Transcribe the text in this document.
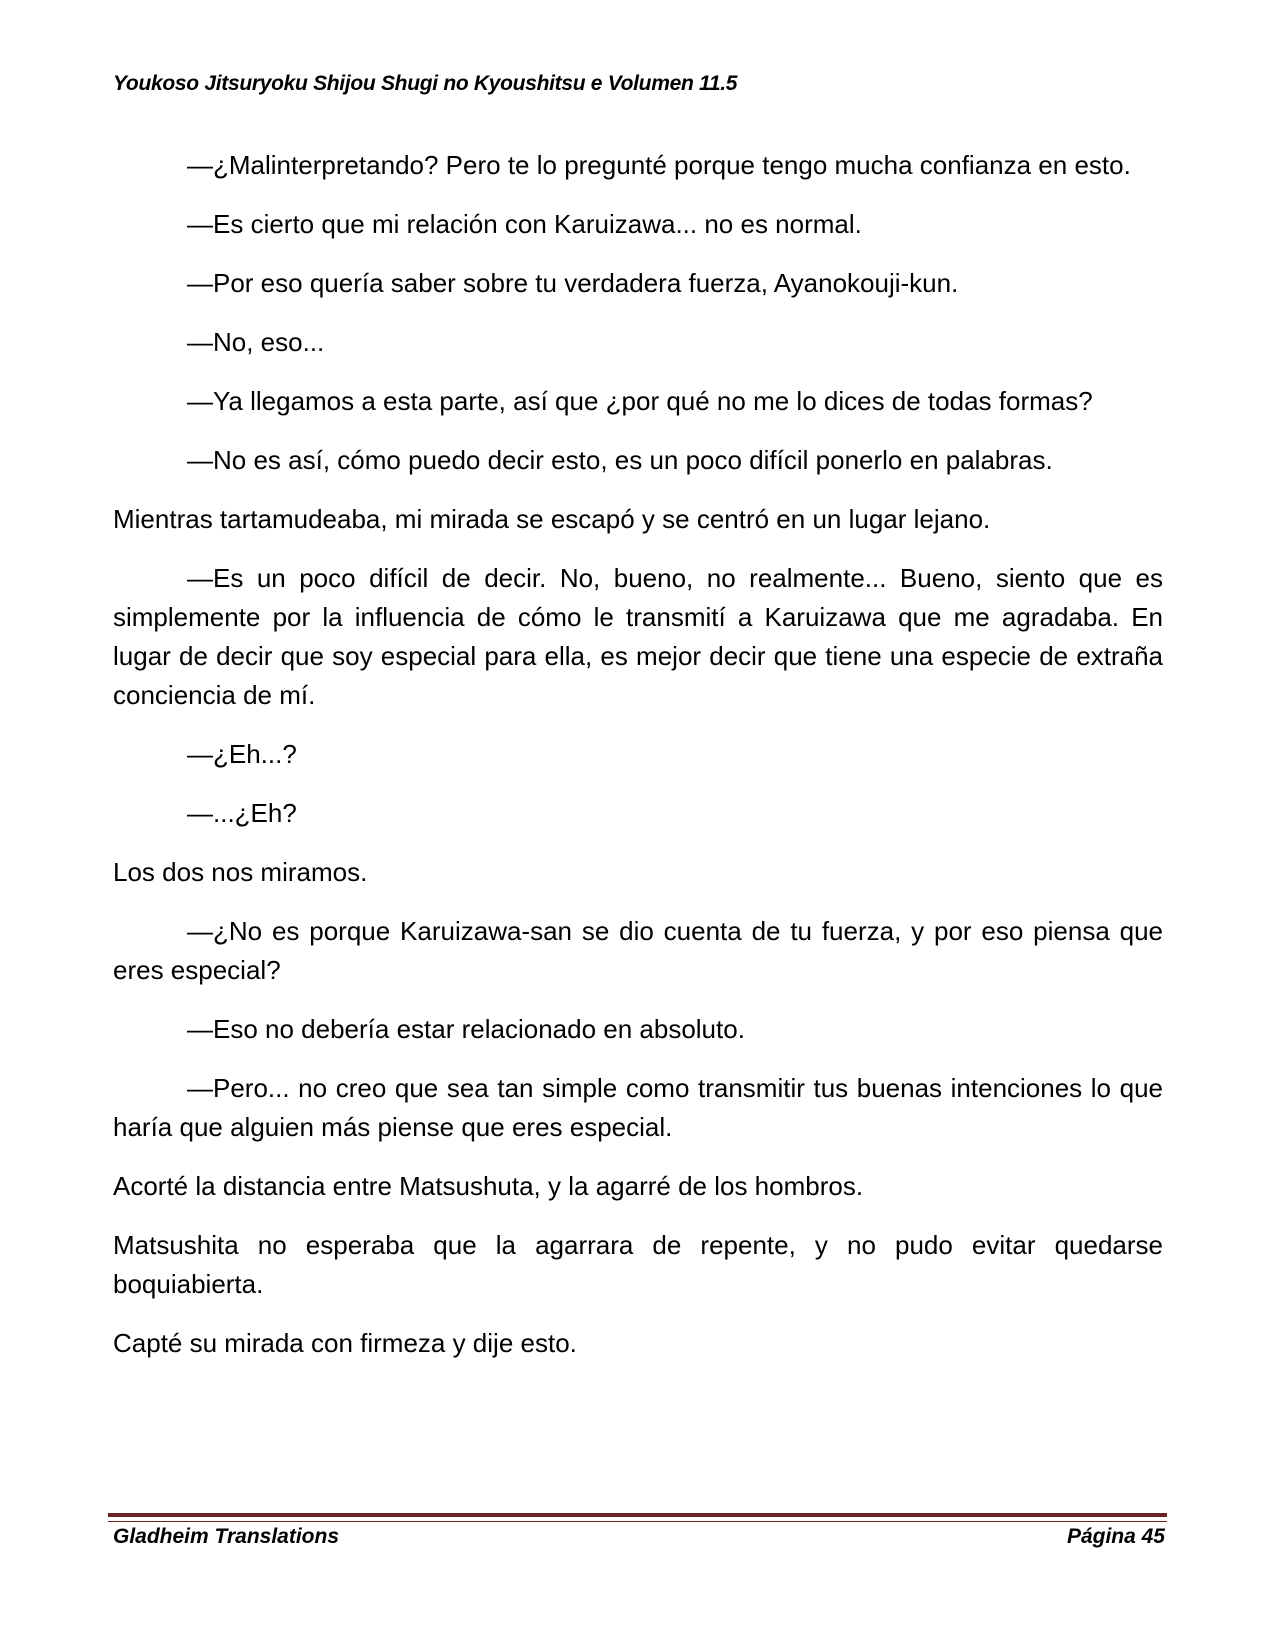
Youkoso Jitsuryoku Shijou Shugi no Kyoushitsu e Volumen 11.5

—¿Malinterpretando? Pero te lo pregunté porque tengo mucha confianza en esto.

—Es cierto que mi relación con Karuizawa... no es normal.

—Por eso quería saber sobre tu verdadera fuerza, Ayanokouji-kun.

—No, eso...

—Ya llegamos a esta parte, así que ¿por qué no me lo dices de todas formas?

—No es así, cómo puedo decir esto, es un poco difícil ponerlo en palabras.

Mientras tartamudeaba, mi mirada se escapó y se centró en un lugar lejano.

—Es un poco difícil de decir. No, bueno, no realmente... Bueno, siento que es simplemente por la influencia de cómo le transmití a Karuizawa que me agradaba. En lugar de decir que soy especial para ella, es mejor decir que tiene una especie de extraña conciencia de mí.

—¿Eh...?

—...¿Eh?

Los dos nos miramos.

—¿No es porque Karuizawa-san se dio cuenta de tu fuerza, y por eso piensa que eres especial?

—Eso no debería estar relacionado en absoluto.

—Pero... no creo que sea tan simple como transmitir tus buenas intenciones lo que haría que alguien más piense que eres especial.

Acorté la distancia entre Matsushuta, y la agarré de los hombros.

Matsushita no esperaba que la agarrara de repente, y no pudo evitar quedarse boquiabierta.

Capté su mirada con firmeza y dije esto.

Gladheim Translations	Página 45
